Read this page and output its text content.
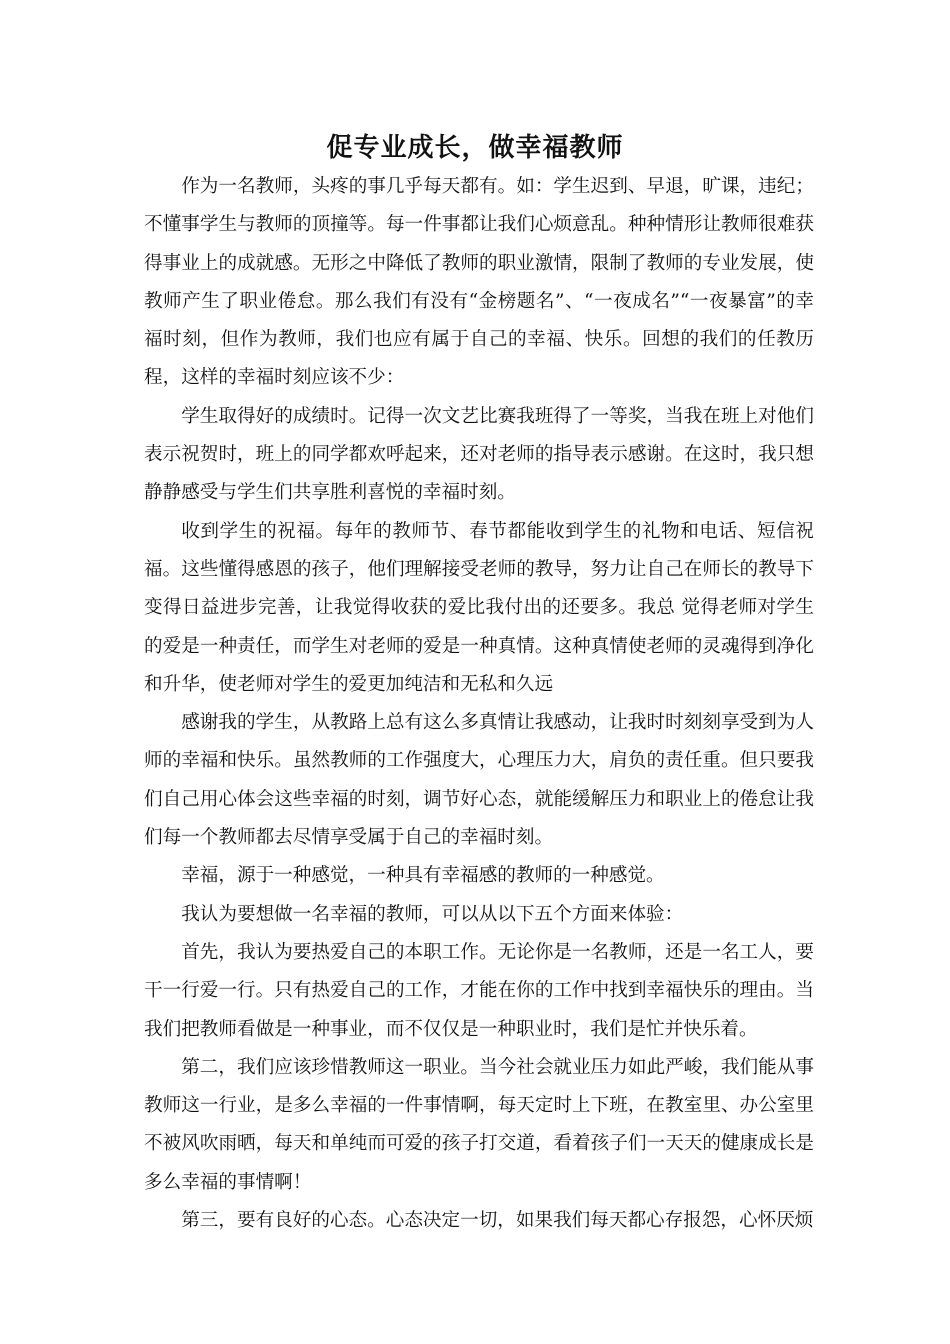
促专业成长，做幸福教师

作为一名教师，头疼的事几乎每天都有。如：学生迟到、早退，旷课，违纪；不懂事学生与教师的顶撞等。每一件事都让我们心烦意乱。种种情形让教师很难获得事业上的成就感。无形之中降低了教师的职业激情，限制了教师的专业发展，使教师产生了职业倦怠。那么我们有没有“金榜题名”、“一夜成名”“一夜暴富”的幸福时刻，但作为教师，我们也应有属于自己的幸福、快乐。回想的我们的任教历程，这样的幸福时刻应该不少：

学生取得好的成绩时。记得一次文艺比赛我班得了一等奖，当我在班上对他们表示祝贺时，班上的同学都欢呼起来，还对老师的指导表示感谢。在这时，我只想静静感受与学生们共享胜利喜悦的幸福时刻。

收到学生的祝福。每年的教师节、春节都能收到学生的礼物和电话、短信祝福。这些懂得感恩的孩子，他们理解接受老师的教导，努力让自己在师长的教导下变得日益进步完善，让我觉得收获的爱比我付出的还要多。我总 觉得老师对学生的爱是一种责任，而学生对老师的爱是一种真情。这种真情使老师的灵魂得到净化和升华，使老师对学生的爱更加纯洁和无私和久远

感谢我的学生，从教路上总有这么多真情让我感动，让我时时刻刻享受到为人师的幸福和快乐。虽然教师的工作强度大，心理压力大，肩负的责任重。但只要我们自己用心体会这些幸福的时刻，调节好心态，就能缓解压力和职业上的倦怠让我们每一个教师都去尽情享受属于自己的幸福时刻。

幸福，源于一种感觉，一种具有幸福感的教师的一种感觉。

我认为要想做一名幸福的教师，可以从以下五个方面来体验：

首先，我认为要热爱自己的本职工作。无论你是一名教师，还是一名工人，要干一行爱一行。只有热爱自己的工作，才能在你的工作中找到幸福快乐的理由。当我们把教师看做是一种事业，而不仅仅是一种职业时，我们是忙并快乐着。

第二，我们应该珍惜教师这一职业。当今社会就业压力如此严峻，我们能从事教师这一行业，是多么幸福的一件事情啊，每天定时上下班，在教室里、办公室里不被风吹雨晒，每天和单纯而可爱的孩子打交道，看着孩子们一天天的健康成长是多么幸福的事情啊！

第三，要有良好的心态。心态决定一切，如果我们每天都心存报怨，心怀厌烦
